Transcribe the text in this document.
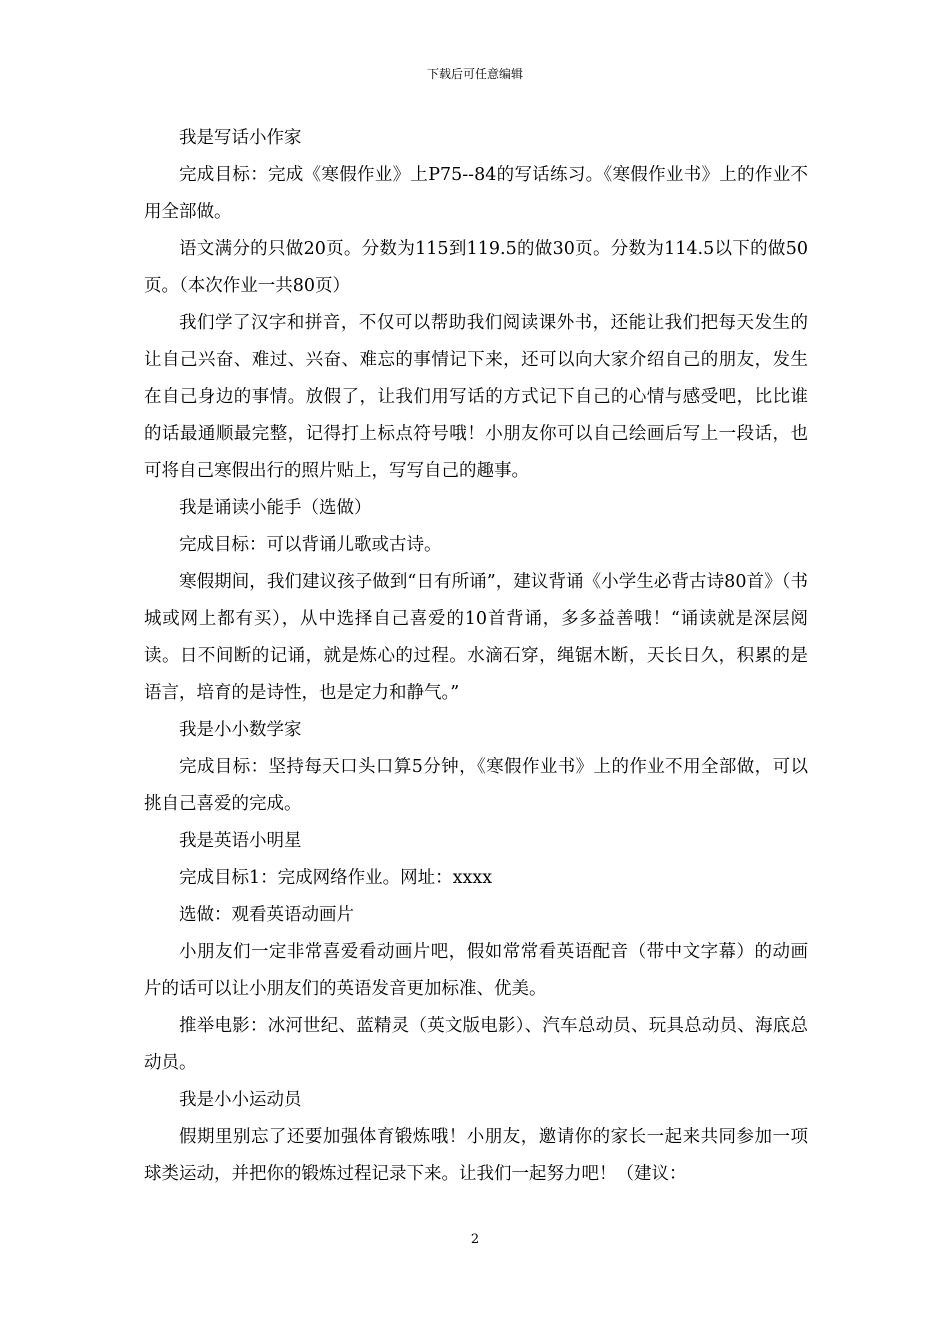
下载后可任意编辑

我是写话小作家

完成目标：完成《寒假作业》上P75--84的写话练习。《寒假作业书》上的作业不用全部做。

语文满分的只做20页。分数为115到119.5的做30页。分数为114.5以下的做50页。（本次作业一共80页）

我们学了汉字和拼音，不仅可以帮助我们阅读课外书，还能让我们把每天发生的让自己兴奋、难过、兴奋、难忘的事情记下来，还可以向大家介绍自己的朋友，发生在自己身边的事情。放假了，让我们用写话的方式记下自己的心情与感受吧，比比谁的话最通顺最完整，记得打上标点符号哦！小朋友你可以自己绘画后写上一段话，也可将自己寒假出行的照片贴上，写写自己的趣事。

我是诵读小能手（选做）

完成目标：可以背诵儿歌或古诗。

寒假期间，我们建议孩子做到“日有所诵”，建议背诵《小学生必背古诗80首》（书城或网上都有买），从中选择自己喜爱的10首背诵，多多益善哦！“诵读就是深层阅读。日不间断的记诵，就是炼心的过程。水滴石穿，绳锯木断，天长日久，积累的是语言，培育的是诗性，也是定力和静气。”

我是小小数学家

完成目标：坚持每天口头口算5分钟，《寒假作业书》上的作业不用全部做，可以挑自己喜爱的完成。

我是英语小明星

完成目标1：完成网络作业。网址：xxxx

选做：观看英语动画片

小朋友们一定非常喜爱看动画片吧，假如常常看英语配音（带中文字幕）的动画片的话可以让小朋友们的英语发音更加标准、优美。

推举电影：冰河世纪、蓝精灵（英文版电影）、汽车总动员、玩具总动员、海底总动员。

我是小小运动员

假期里别忘了还要加强体育锻炼哦！小朋友，邀请你的家长一起来共同参加一项球类运动，并把你的锻炼过程记录下来。让我们一起努力吧！（建议：

2
